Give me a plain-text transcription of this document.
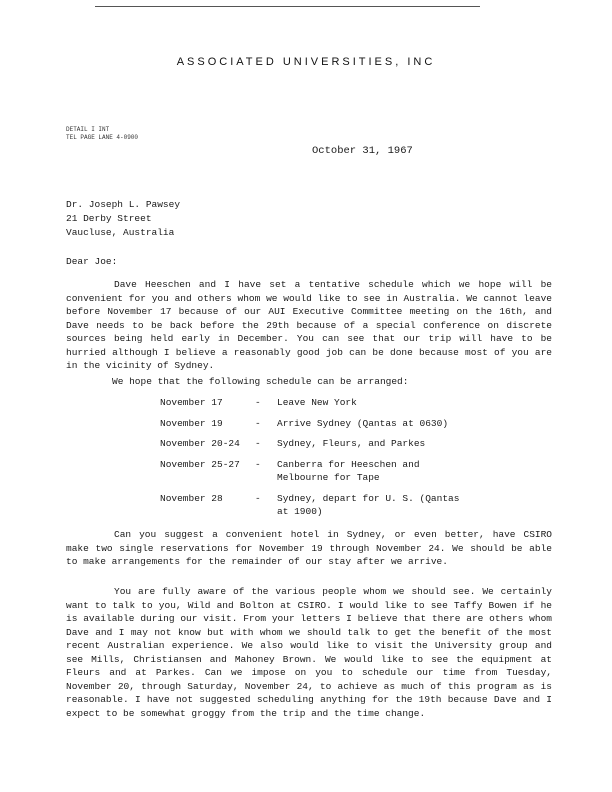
ASSOCIATED UNIVERSITIES, INC
DETAIL I INT
TEL PAGE LANE 4-0900
October 31, 1967
Dr. Joseph L. Pawsey
21 Derby Street
Vaucluse, Australia
Dear Joe:

Dave Heeschen and I have set a tentative schedule which we hope will be convenient for you and others whom we would like to see in Australia. We cannot leave before November 17 because of our AUI Executive Committee meeting on the 16th, and Dave needs to be back before the 29th because of a special conference on discrete sources being held early in December. You can see that our trip will have to be hurried although I believe a reasonably good job can be done because most of you are in the vicinity of Sydney.

We hope that the following schedule can be arranged:
November 17	-	Leave New York
November 19	-	Arrive Sydney (Qantas at 0630)
November 20-24	-	Sydney, Fleurs, and Parkes
November 25-27	-	Canberra for Heeschen and Melbourne for Tape
November 28	-	Sydney, depart for U. S. (Qantas at 1900)

Can you suggest a convenient hotel in Sydney, or even better, have CSIRO make two single reservations for November 19 through November 24. We should be able to make arrangements for the remainder of our stay after we arrive.

You are fully aware of the various people whom we should see. We certainly want to talk to you, Wild and Bolton at CSIRO. I would like to see Taffy Bowen if he is available during our visit. From your letters I believe that there are others whom Dave and I may not know but with whom we should talk to get the benefit of the most recent Australian experience. We also would like to visit the University group and see Mills, Christiansen and Mahoney Brown. We would like to see the equipment at Fleurs and at Parkes. Can we impose on you to schedule our time from Tuesday, November 20, through Saturday, November 24, to achieve as much of this program as is reasonable. I have not suggested scheduling anything for the 19th because Dave and I expect to be somewhat groggy from the trip and the time change.
